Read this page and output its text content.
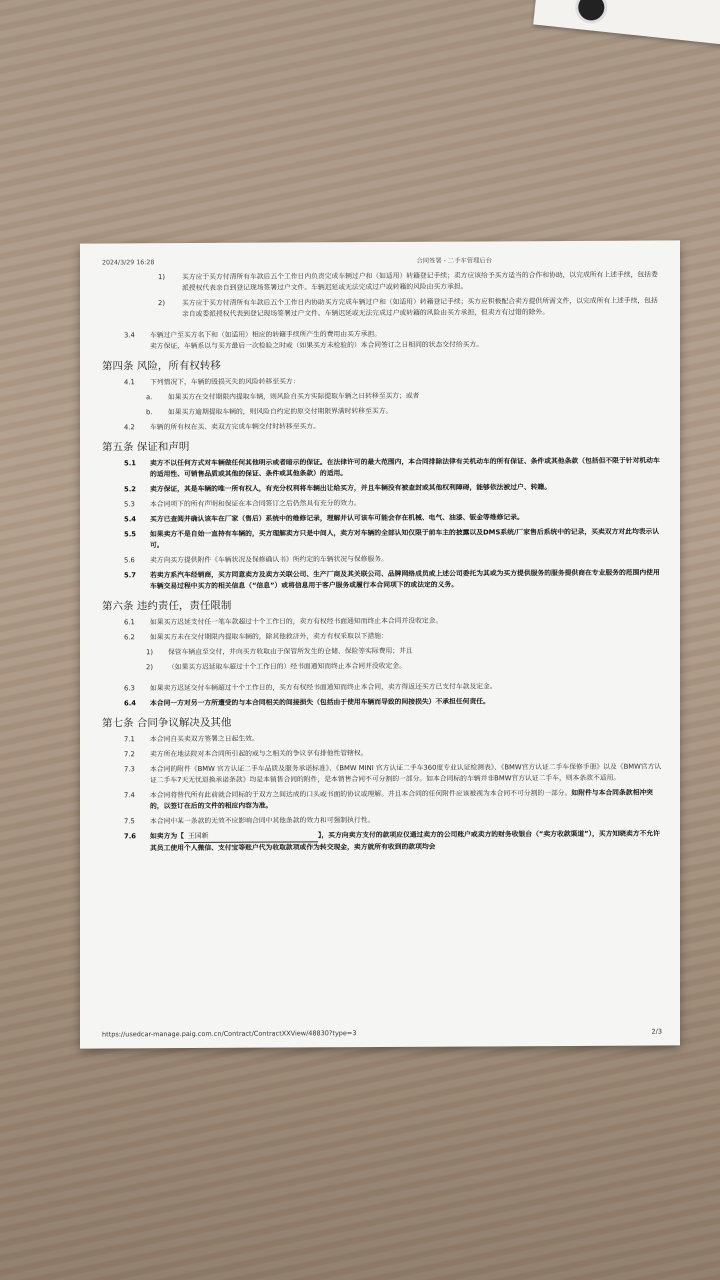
2024/3/29 16:28	合同签署 - 二手车管理后台
1)	买方应于买方付清所有车款后五个工作日内负责完成车辆过户和（如适用）转籍登记手续；卖方应该给予买方适当的合作和协助，以完成所有上述手续，包括委派授权代表亲自到登记现场签署过户文件。车辆迟延或无法完成过户或转籍的风险由买方承担。
2)	买方应于买方付清所有车款后五个工作日内协助买方完成车辆过户和（如适用）转籍登记手续；买方应积极配合卖方提供所需文件，以完成所有上述手续，包括亲自或委派授权代表到登记现场签署过户文件。车辆迟延或无法完成过户或转籍的风险由买方承担，但卖方有过错的除外。
3.4	车辆过户至买方名下和（如适用）相应的转籍手续所产生的费用由买方承担。
卖方保证，车辆系以与买方最后一次检验之时或（如果买方未检验的）本合同签订之日相同的状态交付给买方。
第四条 风险，所有权转移
4.1	下列情况下，车辆的毁损灭失的风险转移至买方：
a.	如果买方在交付期限内提取车辆，则风险自买方实际提取车辆之日转移至买方；或者
b.	如果买方逾期提取车辆的，则风险自约定的原交付期限界满时转移至买方。
4.2	车辆的所有权在买、卖双方完成车辆交付时转移至买方。
第五条 保证和声明
5.1	卖方不以任何方式对车辆做任何其他明示或者暗示的保证。在法律许可的最大范围内，本合同排除法律有关机动车的所有保证、条件或其他条款（包括但不限于针对机动车的适用性、可销售品质或其他的保证、条件或其他条款）的适用。
5.2	卖方保证，其是车辆的唯一所有权人，有充分权利将车辆出让给买方，并且车辆没有被查封或其他权利障碍，能够依法被过户、转籍。
5.3	本合同项下的所有声明和保证在本合同签订之后仍然具有充分的效力。
5.4	买方已查阅并确认该车在厂家（售后）系统中的维修记录，理解并认可该车可能会存在机械、电气、油漆、钣金等维修记录。
5.5	如果卖方不是自始一直持有车辆的，买方理解卖方只是中间人，卖方对车辆的全部认知仅限于前车主的披露以及DMS系统/厂家售后系统中的记录，买卖双方对此均表示认可。
5.6	卖方向买方提供附件《车辆状况及保修确认书》所约定的车辆状况与保修服务。
5.7	若卖方系汽车经销商，买方同意卖方及卖方关联公司、生产厂商及其关联公司、品牌网络成员或上述公司委托为其或为买方提供服务的服务提供商在专业服务的范围内使用车辆交易过程中买方的相关信息（“信息”）或将信息用于客户服务或履行本合同项下的或法定的义务。
第六条 违约责任，责任限制
6.1	如果买方迟延支付任一笔车款超过十个工作日的，卖方有权经书面通知而终止本合同并没收定金。
6.2	如果买方未在交付期限内提取车辆的，除其他救济外，卖方有权采取以下措施：
1)	保管车辆直至交付，并向买方收取由于保管所发生的仓储、保险等实际费用；并且
2)	（如果买方迟延取车超过十个工作日的）经书面通知而终止本合同并没收定金。
6.3	如果卖方迟延交付车辆超过十个工作日的，买方有权经书面通知而终止本合同，卖方得返还买方已支付车款及定金。
6.4	本合同一方对另一方所遭受的与本合同相关的间接损失（包括由于使用车辆而导致的间接损失）不承担任何责任。
第七条 合同争议解决及其他
7.1	本合同自买卖双方签署之日起生效。
7.2	卖方所在地法院对本合同所引起的或与之相关的争议享有排他性管辖权。
7.3	本合同的附件《BMW 官方认证二手车品质及服务承诺标准》、《BMW MINI 官方认证二手车360度专业认证检测表》、《BMW官方认证二手车保修手册》以及《BMW官方认证二手车7天无忧退换承诺条款》均是本销售合同的附件，是本销售合同不可分割的一部分。如本合同标的车辆并非BMW官方认证二手车，则本条款不适用。
7.4	本合同将替代所有此前就合同标的于双方之间达成的口头或书面的协议或理解。并且本合同的任何附件应该被视为本合同不可分割的一部分。如附件与本合同条款相冲突的，以签订在后的文件的相应内容为准。
7.5	本合同中某一条款的无效不应影响合同中其他条款的效力和可强制执行性。
7.6	如卖方为【 王国新	】，买方向卖方支付的款项应仅通过卖方的公司账户或卖方的财务收银台（“卖方收款渠道”），买方知晓卖方不允许其员工使用个人微信、支付宝等账户代为收取款项或作为转交现金，卖方就所有收到的款项均会
https://usedcar-manage.paig.com.cn/Contract/ContractXXView/48830?type=3	2/3
